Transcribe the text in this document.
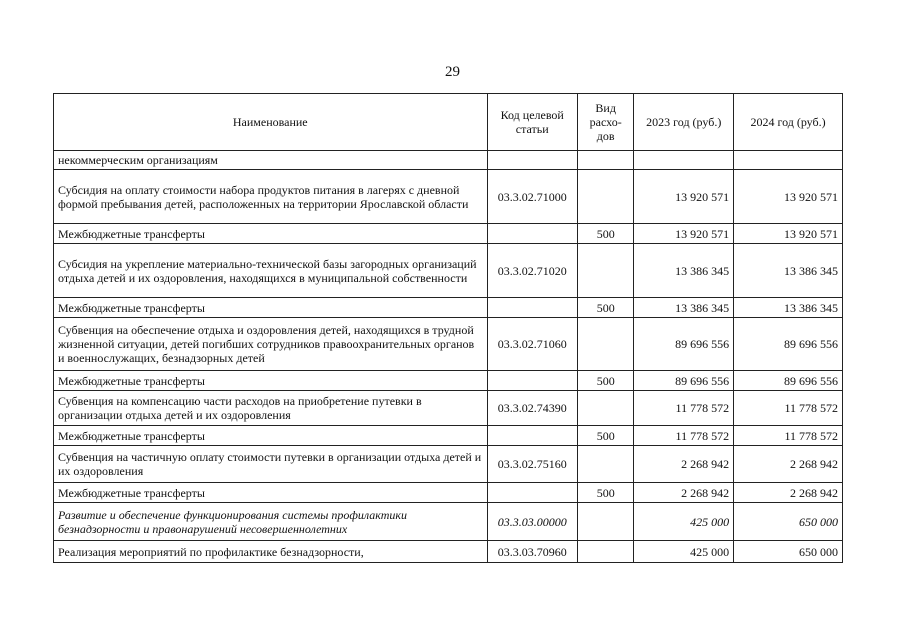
29
Наименование	Код целевой статьи	Вид расхо-дов	2023 год (руб.)	2024 год (руб.)
некоммерческим организациям				
Субсидия на оплату стоимости набора продуктов питания в лагерях с дневной формой пребывания детей, расположенных на территории Ярославской области	03.3.02.71000		13 920 571	13 920 571
Межбюджетные трансферты		500	13 920 571	13 920 571
Субсидия на укрепление материально-технической базы загородных организаций отдыха детей и их оздоровления, находящихся в муниципальной собственности	03.3.02.71020		13 386 345	13 386 345
Межбюджетные трансферты		500	13 386 345	13 386 345
Субвенция на обеспечение отдыха и оздоровления детей, находящихся в трудной жизненной ситуации, детей погибших сотрудников правоохранительных органов и военнослужащих, безнадзорных детей	03.3.02.71060		89 696 556	89 696 556
Межбюджетные трансферты		500	89 696 556	89 696 556
Субвенция на компенсацию части расходов на приобретение путевки в организации отдыха детей и их оздоровления	03.3.02.74390		11 778 572	11 778 572
Межбюджетные трансферты		500	11 778 572	11 778 572
Субвенция на частичную оплату стоимости путевки в организации отдыха детей и их оздоровления	03.3.02.75160		2 268 942	2 268 942
Межбюджетные трансферты		500	2 268 942	2 268 942
Развитие и обеспечение функционирования системы профилактики безнадзорности и правонарушений несовершеннолетних	03.3.03.00000		425 000	650 000
Реализация мероприятий по профилактике безнадзорности,	03.3.03.70960		425 000	650 000
